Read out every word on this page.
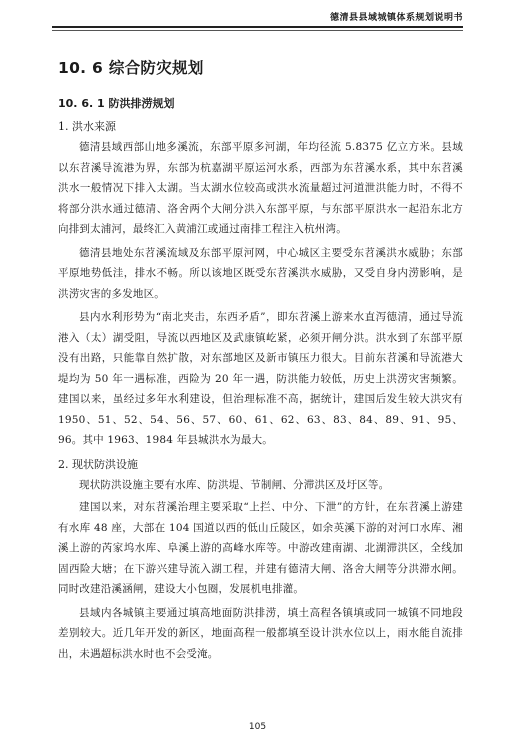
德清县县域城镇体系规划说明书
10. 6 综合防灾规划
10. 6. 1 防洪排涝规划

1. 洪水来源

德清县域西部山地多溪流，东部平原多河湖，年均径流 5.8375 亿立方米。县域以东苕溪导流港为界，东部为杭嘉湖平原运河水系，西部为东苕溪水系，其中东苕溪洪水一般情况下排入太湖。当太湖水位较高或洪水流量超过河道泄洪能力时，不得不将部分洪水通过德清、洛舍两个大闸分洪入东部平原，与东部平原洪水一起沿东北方向排到太浦河，最终汇入黄浦江或通过南排工程注入杭州湾。

德清县地处东苕溪流域及东部平原河网，中心城区主要受东苕溪洪水威胁；东部平原地势低洼，排水不畅。所以该地区既受东苕溪洪水威胁，又受自身内涝影响，是洪涝灾害的多发地区。

县内水利形势为“南北夹击，东西矛盾”，即东苕溪上游来水直泻德清，通过导流港入（太）湖受阻，导流以西地区及武康镇屹紧，必须开闸分洪。洪水到了东部平原没有出路，只能靠自然扩散，对东部地区及新市镇压力很大。目前东苕溪和导流港大堤均为 50 年一遇标准，西险为 20 年一遇，防洪能力较低，历史上洪涝灾害频繁。建国以来，虽经过多年水利建设，但治理标准不高，据统计，建国后发生较大洪灾有 1950、51、52、54、56、57、60、61、62、63、83、84、89、91、95、96。其中 1963、1984 年县城洪水为最大。

2. 现状防洪设施

现状防洪设施主要有水库、防洪堤、节制闸、分滞洪区及圩区等。

建国以来，对东苕溪治理主要采取“上拦、中分、下泄”的方针，在东苕溪上游建有水库 48 座，大部在 104 国道以西的低山丘陵区，如余英溪下游的对河口水库、湘溪上游的芮家坞水库、阜溪上游的高峰水库等。中游改建南湖、北湖滞洪区，全线加固西险大塘；在下游兴建导流入湖工程，并建有德清大闸、洛舍大闸等分洪滞水闸。同时改建沿溪涵闸，建设大小包圈，发展机电排灌。

县域内各城镇主要通过填高地面防洪排涝，填土高程各镇填或同一城镇不同地段差别较大。近几年开发的新区，地面高程一般都填至设计洪水位以上，雨水能自流排出，未遇超标洪水时也不会受淹。

105
